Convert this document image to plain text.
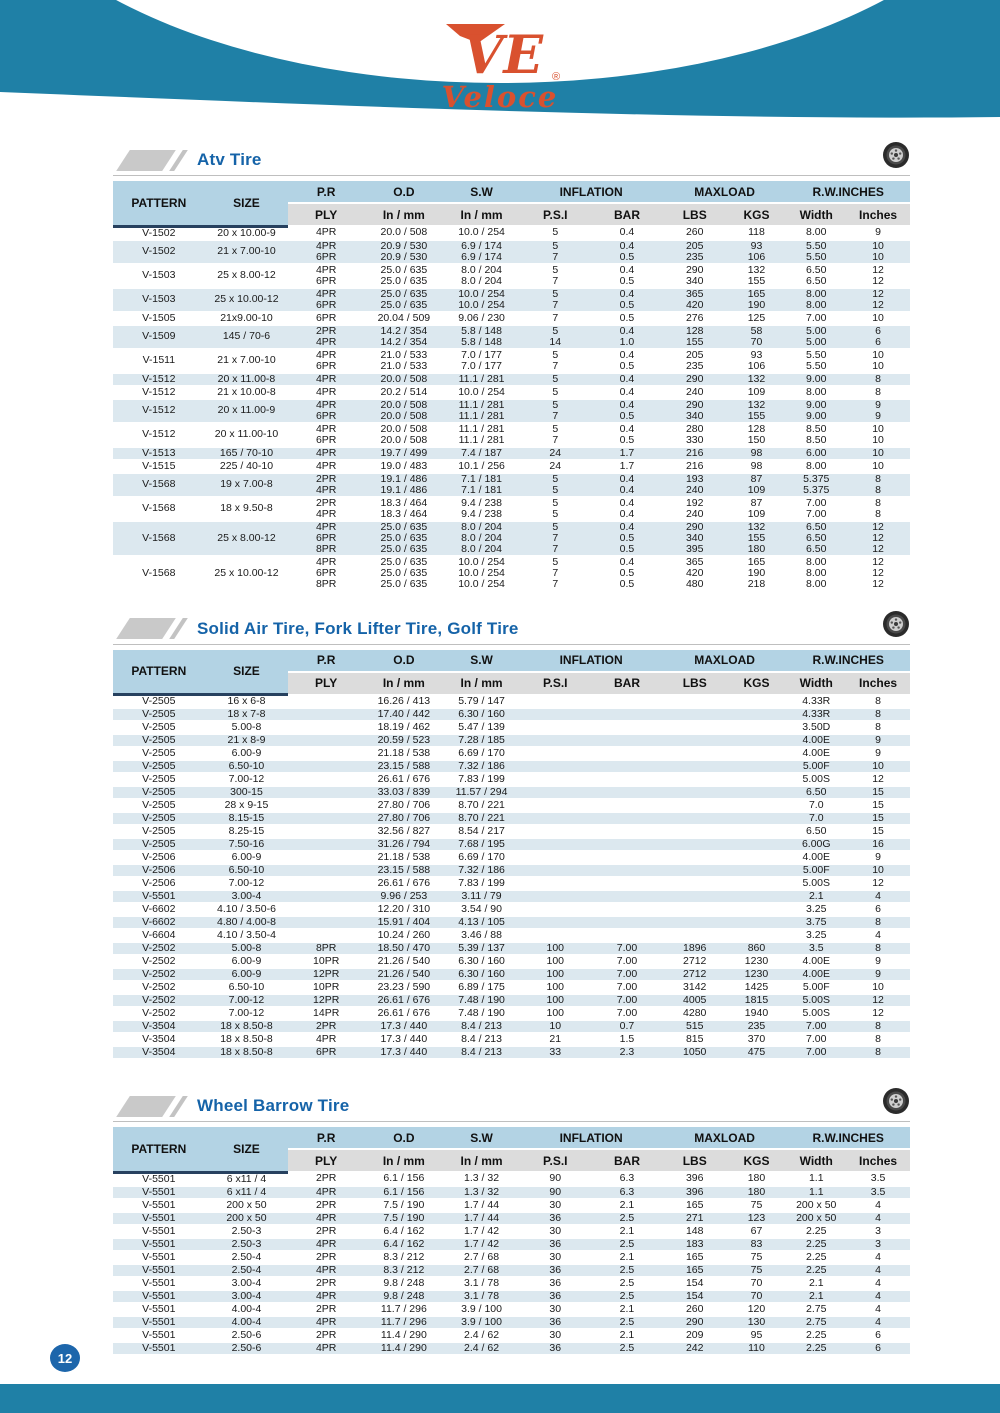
VE ®
Veloce
Atv Tire
PATTERN	SIZE	P.R	O.D	S.W	INFLATION		MAXLOAD		R.W.INCHES	
		PLY	In / mm	In / mm	P.S.I	BAR	LBS	KGS	Width	Inches
V-1502	20 x 10.00-9	4PR	20.0 / 508	10.0 / 254	5	0.4	260	118	8.00	9
V-1502	21 x 7.00-10	4PR	20.9 / 530	6.9 / 174	5	0.4	205	93	5.50	10
		6PR	20.9 / 530	6.9 / 174	7	0.5	235	106	5.50	10
V-1503	25 x 8.00-12	4PR	25.0 / 635	8.0 / 204	5	0.4	290	132	6.50	12
		6PR	25.0 / 635	8.0 / 204	7	0.5	340	155	6.50	12
V-1503	25 x 10.00-12	4PR	25.0 / 635	10.0 / 254	5	0.4	365	165	8.00	12
		6PR	25.0 / 635	10.0 / 254	7	0.5	420	190	8.00	12
V-1505	21x9.00-10	6PR	20.04 / 509	9.06 / 230	7	0.5	276	125	7.00	10
V-1509	145 / 70-6	2PR	14.2 / 354	5.8 / 148	5	0.4	128	58	5.00	6
		4PR	14.2 / 354	5.8 / 148	14	1.0	155	70	5.00	6
V-1511	21 x 7.00-10	4PR	21.0 / 533	7.0 / 177	5	0.4	205	93	5.50	10
		6PR	21.0 / 533	7.0 / 177	7	0.5	235	106	5.50	10
V-1512	20 x 11.00-8	4PR	20.0 / 508	11.1 / 281	5	0.4	290	132	9.00	8
V-1512	21 x 10.00-8	4PR	20.2 / 514	10.0 / 254	5	0.4	240	109	8.00	8
V-1512	20 x 11.00-9	4PR	20.0 / 508	11.1 / 281	5	0.4	290	132	9.00	9
		6PR	20.0 / 508	11.1 / 281	7	0.5	340	155	9.00	9
V-1512	20 x 11.00-10	4PR	20.0 / 508	11.1 / 281	5	0.4	280	128	8.50	10
		6PR	20.0 / 508	11.1 / 281	7	0.5	330	150	8.50	10
V-1513	165 / 70-10	4PR	19.7 / 499	7.4 / 187	24	1.7	216	98	6.00	10
V-1515	225 / 40-10	4PR	19.0 / 483	10.1 / 256	24	1.7	216	98	8.00	10
V-1568	19 x 7.00-8	2PR	19.1 / 486	7.1 / 181	5	0.4	193	87	5.375	8
		4PR	19.1 / 486	7.1 / 181	5	0.4	240	109	5.375	8
V-1568	18 x 9.50-8	2PR	18.3 / 464	9.4 / 238	5	0.4	192	87	7.00	8
		4PR	18.3 / 464	9.4 / 238	5	0.4	240	109	7.00	8
V-1568	25 x 8.00-12	4PR	25.0 / 635	8.0 / 204	5	0.4	290	132	6.50	12
		6PR	25.0 / 635	8.0 / 204	7	0.5	340	155	6.50	12
		8PR	25.0 / 635	8.0 / 204	7	0.5	395	180	6.50	12
V-1568	25 x 10.00-12	4PR	25.0 / 635	10.0 / 254	5	0.4	365	165	8.00	12
		6PR	25.0 / 635	10.0 / 254	7	0.5	420	190	8.00	12
		8PR	25.0 / 635	10.0 / 254	7	0.5	480	218	8.00	12
Solid Air Tire, Fork Lifter Tire, Golf Tire
PATTERN	SIZE	P.R	O.D	S.W	INFLATION		MAXLOAD		R.W.INCHES	
		PLY	In / mm	In / mm	P.S.I	BAR	LBS	KGS	Width	Inches
V-2505	16 x 6-8		16.26 / 413	5.79 / 147					4.33R	8
V-2505	18 x 7-8		17.40 / 442	6.30 / 160					4.33R	8
V-2505	5.00-8		18.19 / 462	5.47 / 139					3.50D	8
V-2505	21 x 8-9		20.59 / 523	7.28 / 185					4.00E	9
V-2505	6.00-9		21.18 / 538	6.69 / 170					4.00E	9
V-2505	6.50-10		23.15 / 588	7.32 / 186					5.00F	10
V-2505	7.00-12		26.61 / 676	7.83 / 199					5.00S	12
V-2505	300-15		33.03 / 839	11.57 / 294					6.50	15
V-2505	28 x 9-15		27.80 / 706	8.70 / 221					7.0	15
V-2505	8.15-15		27.80 / 706	8.70 / 221					7.0	15
V-2505	8.25-15		32.56 / 827	8.54 / 217					6.50	15
V-2505	7.50-16		31.26 / 794	7.68 / 195					6.00G	16
V-2506	6.00-9		21.18 / 538	6.69 / 170					4.00E	9
V-2506	6.50-10		23.15 / 588	7.32 / 186					5.00F	10
V-2506	7.00-12		26.61 / 676	7.83 / 199					5.00S	12
V-5501	3.00-4		9.96 / 253	3.11 / 79					2.1	4
V-6602	4.10 / 3.50-6		12.20 / 310	3.54 / 90					3.25	6
V-6602	4.80 / 4.00-8		15.91 / 404	4.13 / 105					3.75	8
V-6604	4.10 / 3.50-4		10.24 / 260	3.46 / 88					3.25	4
V-2502	5.00-8	8PR	18.50 / 470	5.39 / 137	100	7.00	1896	860	3.5	8
V-2502	6.00-9	10PR	21.26 / 540	6.30 / 160	100	7.00	2712	1230	4.00E	9
V-2502	6.00-9	12PR	21.26 / 540	6.30 / 160	100	7.00	2712	1230	4.00E	9
V-2502	6.50-10	10PR	23.23 / 590	6.89 / 175	100	7.00	3142	1425	5.00F	10
V-2502	7.00-12	12PR	26.61 / 676	7.48 / 190	100	7.00	4005	1815	5.00S	12
V-2502	7.00-12	14PR	26.61 / 676	7.48 / 190	100	7.00	4280	1940	5.00S	12
V-3504	18 x 8.50-8	2PR	17.3 / 440	8.4 / 213	10	0.7	515	235	7.00	8
V-3504	18 x 8.50-8	4PR	17.3 / 440	8.4 / 213	21	1.5	815	370	7.00	8
V-3504	18 x 8.50-8	6PR	17.3 / 440	8.4 / 213	33	2.3	1050	475	7.00	8
Wheel Barrow Tire
PATTERN	SIZE	P.R	O.D	S.W	INFLATION		MAXLOAD		R.W.INCHES	
		PLY	In / mm	In / mm	P.S.I	BAR	LBS	KGS	Width	Inches
V-5501	6 x11 / 4	2PR	6.1 / 156	1.3 / 32	90	6.3	396	180	1.1	3.5
V-5501	6 x11 / 4	4PR	6.1 / 156	1.3 / 32	90	6.3	396	180	1.1	3.5
V-5501	200 x 50	2PR	7.5 / 190	1.7 / 44	30	2.1	165	75	200 x 50	4
V-5501	200 x 50	4PR	7.5 / 190	1.7 / 44	36	2.5	271	123	200 x 50	4
V-5501	2.50-3	2PR	6.4 / 162	1.7 / 42	30	2.1	148	67	2.25	3
V-5501	2.50-3	4PR	6.4 / 162	1.7 / 42	36	2.5	183	83	2.25	3
V-5501	2.50-4	2PR	8.3 / 212	2.7 / 68	30	2.1	165	75	2.25	4
V-5501	2.50-4	4PR	8.3 / 212	2.7 / 68	36	2.5	165	75	2.25	4
V-5501	3.00-4	2PR	9.8 / 248	3.1 / 78	36	2.5	154	70	2.1	4
V-5501	3.00-4	4PR	9.8 / 248	3.1 / 78	36	2.5	154	70	2.1	4
V-5501	4.00-4	2PR	11.7 / 296	3.9 / 100	30	2.1	260	120	2.75	4
V-5501	4.00-4	4PR	11.7 / 296	3.9 / 100	36	2.5	290	130	2.75	4
V-5501	2.50-6	2PR	11.4 / 290	2.4 / 62	30	2.1	209	95	2.25	6
V-5501	2.50-6	4PR	11.4 / 290	2.4 / 62	36	2.5	242	110	2.25	6
12
